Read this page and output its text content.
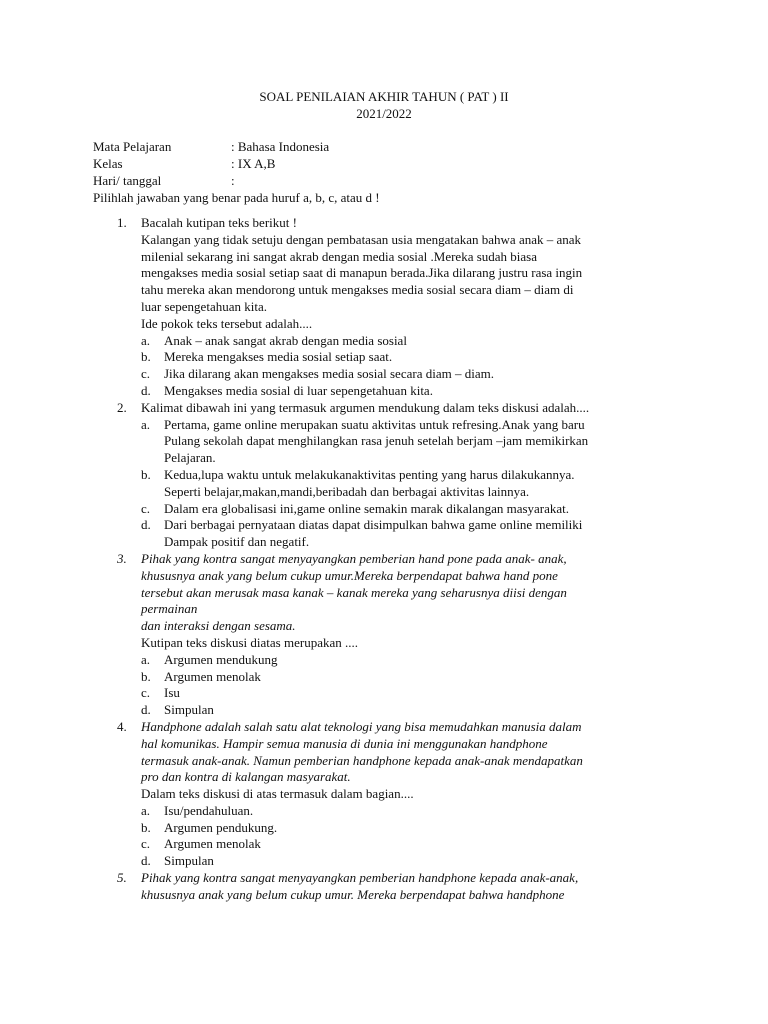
SOAL PENILAIAN AKHIR TAHUN ( PAT ) II
2021/2022
Mata Pelajaran	: Bahasa Indonesia
Kelas	: IX A,B
Hari/ tanggal	:
Pilihlah jawaban yang benar pada huruf a, b, c, atau d !
1. Bacalah kutipan teks berikut !
Kalangan yang tidak setuju dengan pembatasan usia mengatakan bahwa anak – anak
milenial sekarang ini sangat akrab dengan media sosial .Mereka sudah biasa
mengakses media sosial setiap saat di manapun berada.Jika dilarang justru rasa ingin
tahu mereka akan mendorong untuk mengakses media sosial secara diam – diam di
luar sepengetahuan kita.
Ide pokok teks tersebut adalah....
a. Anak – anak sangat akrab dengan media sosial
b. Mereka mengakses media sosial setiap saat.
c. Jika dilarang akan mengakses media sosial secara diam – diam.
d. Mengakses media sosial di luar sepengetahuan kita.
2. Kalimat dibawah ini yang termasuk argumen mendukung dalam teks diskusi adalah....
a. Pertama, game online merupakan suatu aktivitas untuk refresing.Anak yang baru
Pulang sekolah dapat menghilangkan rasa jenuh setelah berjam –jam memikirkan
Pelajaran.
b. Kedua,lupa waktu untuk melakukanaktivitas penting yang harus dilakukannya.
Seperti belajar,makan,mandi,beribadah dan berbagai aktivitas lainnya.
c. Dalam era globalisasi ini,game online semakin marak dikalangan masyarakat.
d. Dari berbagai pernyataan diatas dapat disimpulkan bahwa game online memiliki
Dampak positif dan negatif.
3. Pihak yang kontra sangat menyayangkan pemberian hand pone pada anak- anak,
khususnya anak yang belum cukup umur.Mereka berpendapat bahwa hand pone
tersebut akan merusak masa kanak – kanak mereka yang seharusnya diisi dengan
permainan
dan interaksi dengan sesama.
Kutipan teks diskusi diatas merupakan ....
a. Argumen mendukung
b. Argumen menolak
c. Isu
d. Simpulan
4. Handphone adalah salah satu alat teknologi yang bisa memudahkan manusia dalam
hal komunikas. Hampir semua manusia di dunia ini menggunakan handphone
termasuk anak-anak. Namun pemberian handphone kepada anak-anak mendapatkan
pro dan kontra di kalangan masyarakat.
Dalam teks diskusi di atas termasuk dalam bagian....
a. Isu/pendahuluan.
b. Argumen pendukung.
c. Argumen menolak
d. Simpulan
5. Pihak yang kontra sangat menyayangkan pemberian handphone kepada anak-anak,
khususnya anak yang belum cukup umur. Mereka berpendapat bahwa handphone
